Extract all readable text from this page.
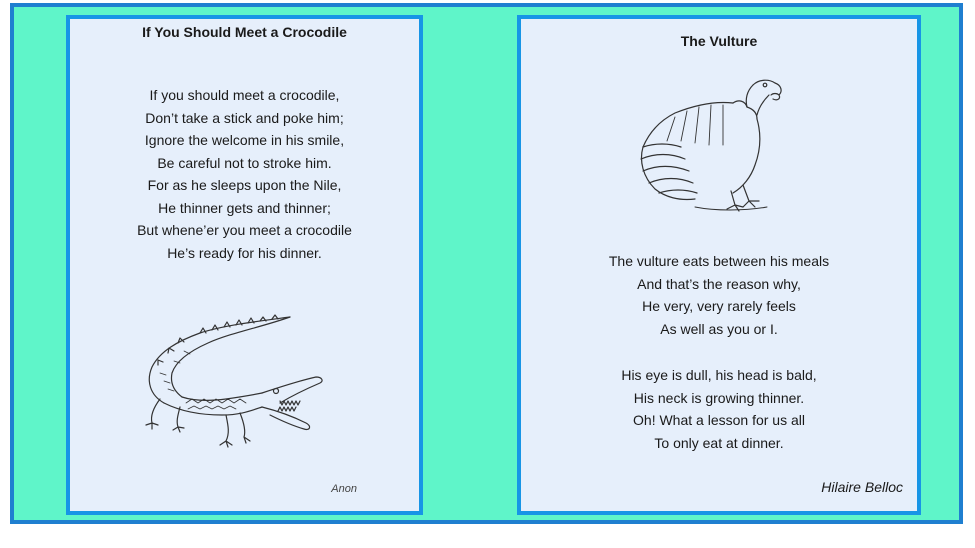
If You Should Meet a Crocodile
If you should meet a crocodile,
Don’t take a stick and poke him;
Ignore the welcome in his smile,
Be careful not to stroke him.
For as he sleeps upon the Nile,
He thinner gets and thinner;
But whene’er you meet a crocodile
He’s ready for his dinner.
Anon
The Vulture
The vulture eats between his meals
And that’s the reason why,
He very, very rarely feels
As well as you or I.
His eye is dull, his head is bald,
His neck is growing thinner.
Oh! What a lesson for us all
To only eat at dinner.
Hilaire Belloc
